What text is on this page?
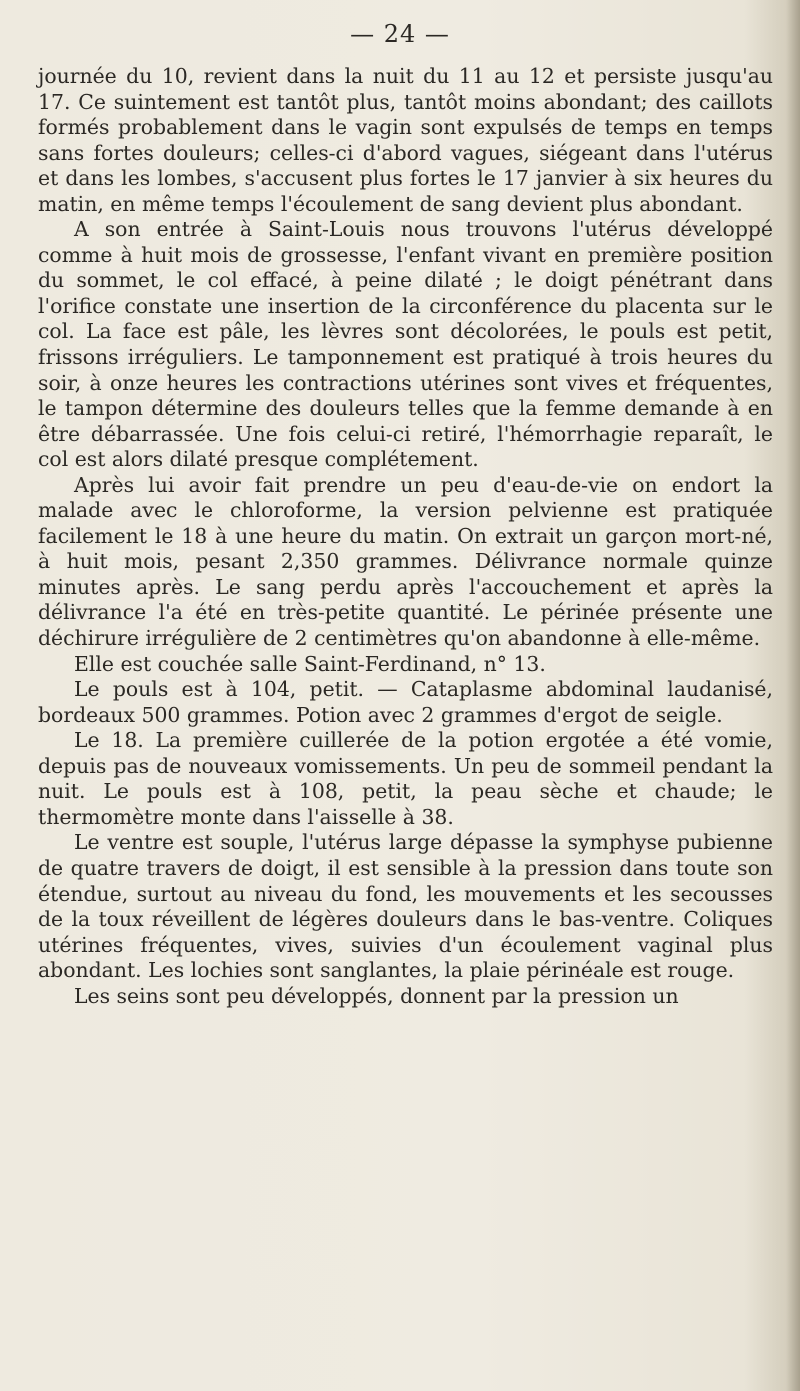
— 24 —

journée du 10, revient dans la nuit du 11 au 12 et persiste jusqu'au 17. Ce suintement est tantôt plus, tantôt moins abondant; des caillots formés probablement dans le vagin sont expulsés de temps en temps sans fortes douleurs; celles-ci d'abord vagues, siégeant dans l'utérus et dans les lombes, s'accusent plus fortes le 17 janvier à six heures du matin, en même temps l'écoulement de sang devient plus abondant.

A son entrée à Saint-Louis nous trouvons l'utérus développé comme à huit mois de grossesse, l'enfant vivant en première position du sommet, le col effacé, à peine dilaté ; le doigt pénétrant dans l'orifice constate une insertion de la circonférence du placenta sur le col. La face est pâle, les lèvres sont décolorées, le pouls est petit, frissons irréguliers. Le tamponnement est pratiqué à trois heures du soir, à onze heures les contractions utérines sont vives et fréquentes, le tampon détermine des douleurs telles que la femme demande à en être débarrassée. Une fois celui-ci retiré, l'hémorrhagie reparaît, le col est alors dilaté presque complétement.

Après lui avoir fait prendre un peu d'eau-de-vie on endort la malade avec le chloroforme, la version pelvienne est pratiquée facilement le 18 à une heure du matin. On extrait un garçon mort-né, à huit mois, pesant 2,350 grammes. Délivrance normale quinze minutes après. Le sang perdu après l'accouchement et après la délivrance l'a été en très-petite quantité. Le périnée présente une déchirure irrégulière de 2 centimètres qu'on abandonne à elle-même.

Elle est couchée salle Saint-Ferdinand, n° 13.

Le pouls est à 104, petit. — Cataplasme abdominal laudanisé, bordeaux 500 grammes. Potion avec 2 grammes d'ergot de seigle.

Le 18. La première cuillerée de la potion ergotée a été vomie, depuis pas de nouveaux vomissements. Un peu de sommeil pendant la nuit. Le pouls est à 108, petit, la peau sèche et chaude; le thermomètre monte dans l'aisselle à 38.

Le ventre est souple, l'utérus large dépasse la symphyse pubienne de quatre travers de doigt, il est sensible à la pression dans toute son étendue, surtout au niveau du fond, les mouvements et les secousses de la toux réveillent de légères douleurs dans le bas-ventre. Coliques utérines fréquentes, vives, suivies d'un écoulement vaginal plus abondant. Les lochies sont sanglantes, la plaie périnéale est rouge.

Les seins sont peu développés, donnent par la pression un
